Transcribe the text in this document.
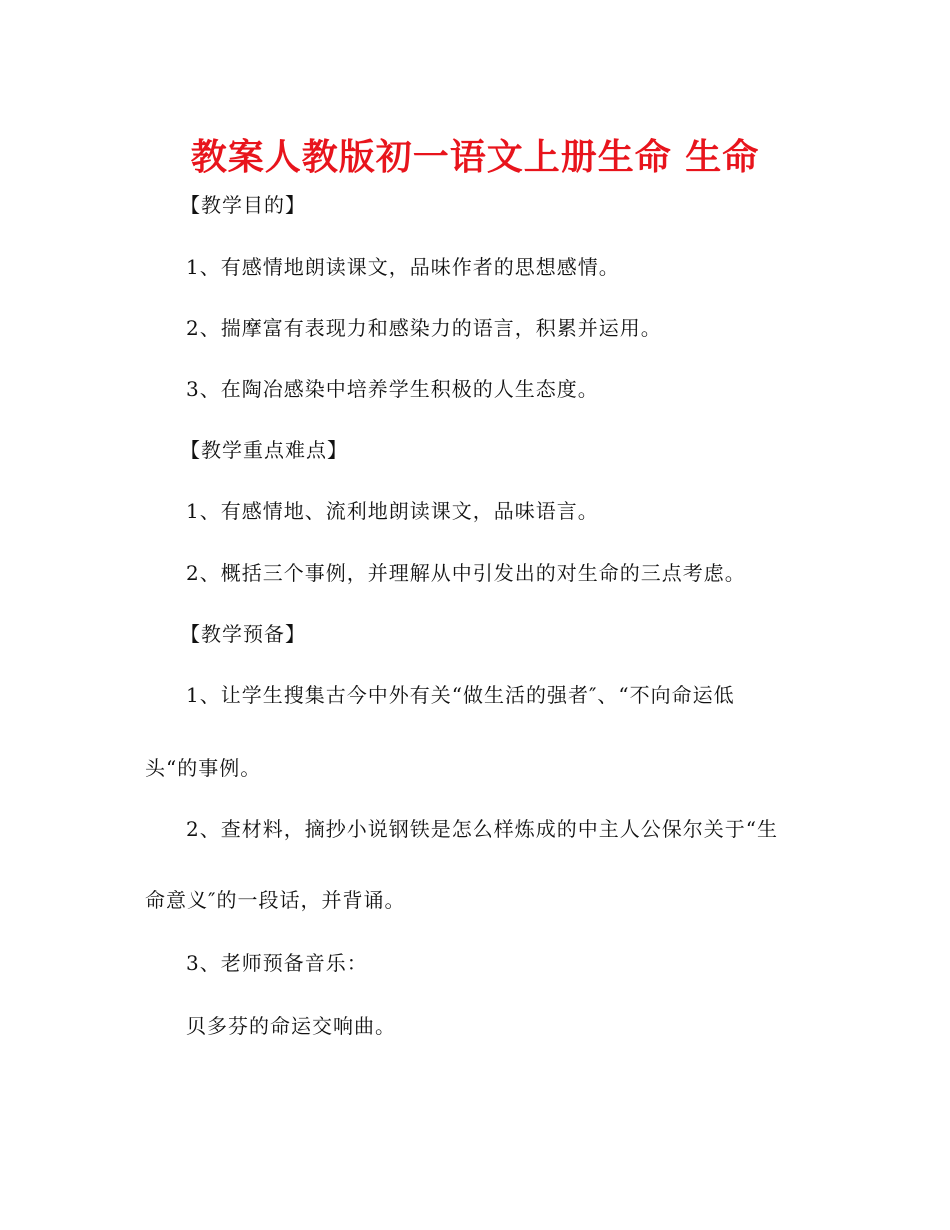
教案人教版初一语文上册生命 生命
【教学目的】
1、有感情地朗读课文，品味作者的思想感情。
2、揣摩富有表现力和感染力的语言，积累并运用。
3、在陶冶感染中培养学生积极的人生态度。
【教学重点难点】
1、有感情地、流利地朗读课文，品味语言。
2、概括三个事例，并理解从中引发出的对生命的三点考虑。
【教学预备】
1、让学生搜集古今中外有关“做生活的强者″、“不向命运低
头“的事例。
2、查材料，摘抄小说钢铁是怎么样炼成的中主人公保尔关于“生
命意义″的一段话，并背诵。
3、老师预备音乐：
贝多芬的命运交响曲。
